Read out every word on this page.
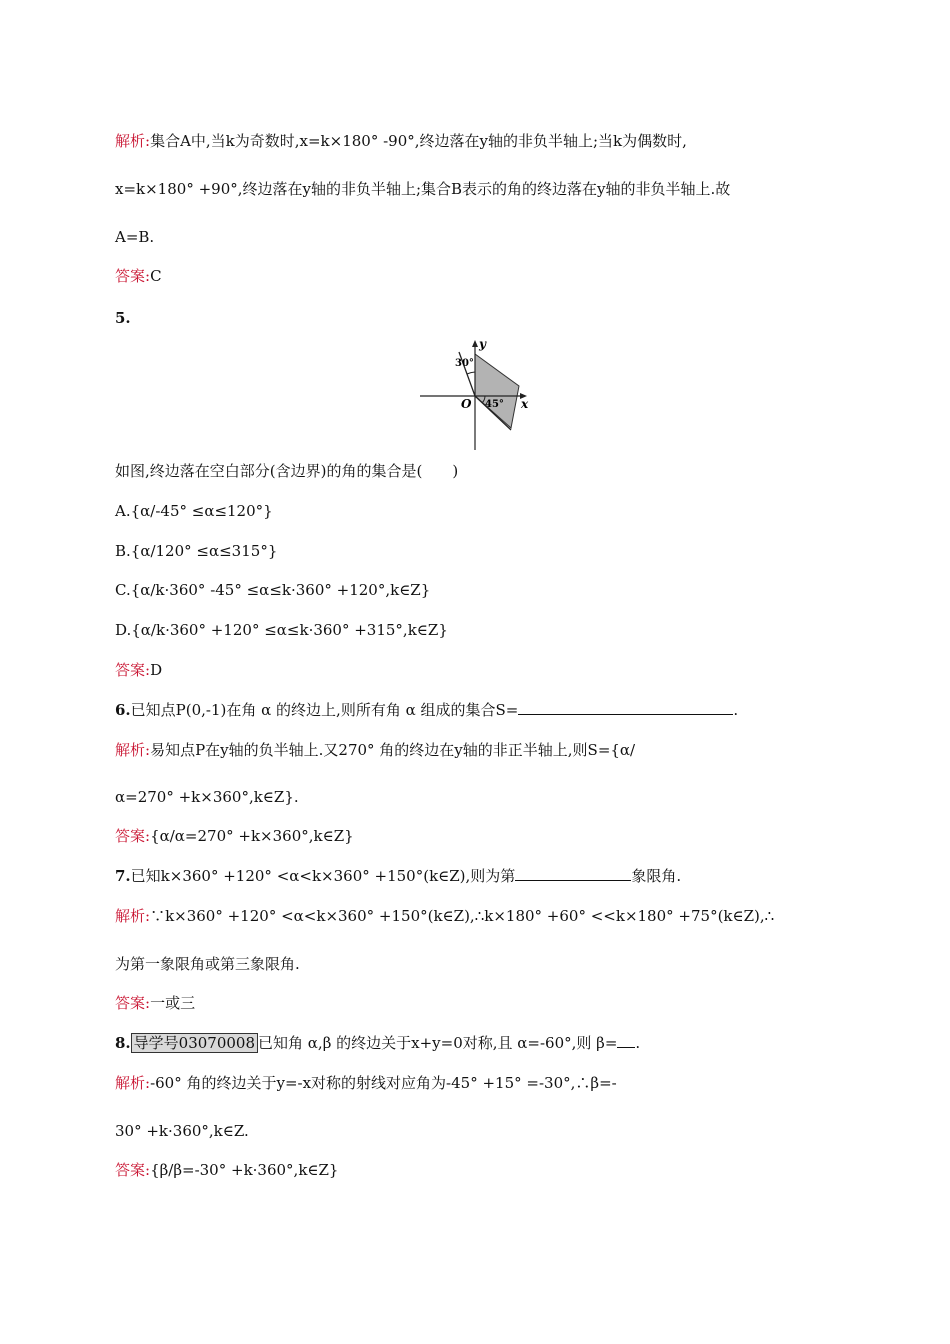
解析:集合A中,当k为奇数时,x=k×180° -90°,终边落在y轴的非负半轴上;当k为偶数时,
x=k×180° +90°,终边落在y轴的非负半轴上;集合B表示的角的终边落在y轴的非负半轴上.故
A=B.
答案:C
5.
y
x
O
30°
45°
如图,终边落在空白部分(含边界)的角的集合是(　　)
A.{α/-45° ≤α≤120°}
B.{α/120° ≤α≤315°}
C.{α/k·360° -45° ≤α≤k·360° +120°,k∈Z}
D.{α/k·360° +120° ≤α≤k·360° +315°,k∈Z}
答案:D
6.已知点P(0,-1)在角 α 的终边上,则所有角 α 组成的集合S=	.
解析:易知点P在y轴的负半轴上.又270° 角的终边在y轴的非正半轴上,则S={α/
α=270° +k×360°,k∈Z}.
答案:{α/α=270° +k×360°,k∈Z}
7.已知k×360° +120° <α<k×360° +150°(k∈Z),则为第	象限角.
解析:∵k×360° +120° <α<k×360° +150°(k∈Z),∴k×180° +60° <<k×180° +75°(k∈Z),∴
为第一象限角或第三象限角.
答案:一或三
8. 导学号03070008 已知角 α,β 的终边关于x+y=0对称,且 α=-60°,则 β= .
解析:-60° 角的终边关于y=-x对称的射线对应角为-45° +15° =-30°,∴β=-
30° +k·360°,k∈Z.
答案:{β/β=-30° +k·360°,k∈Z}
